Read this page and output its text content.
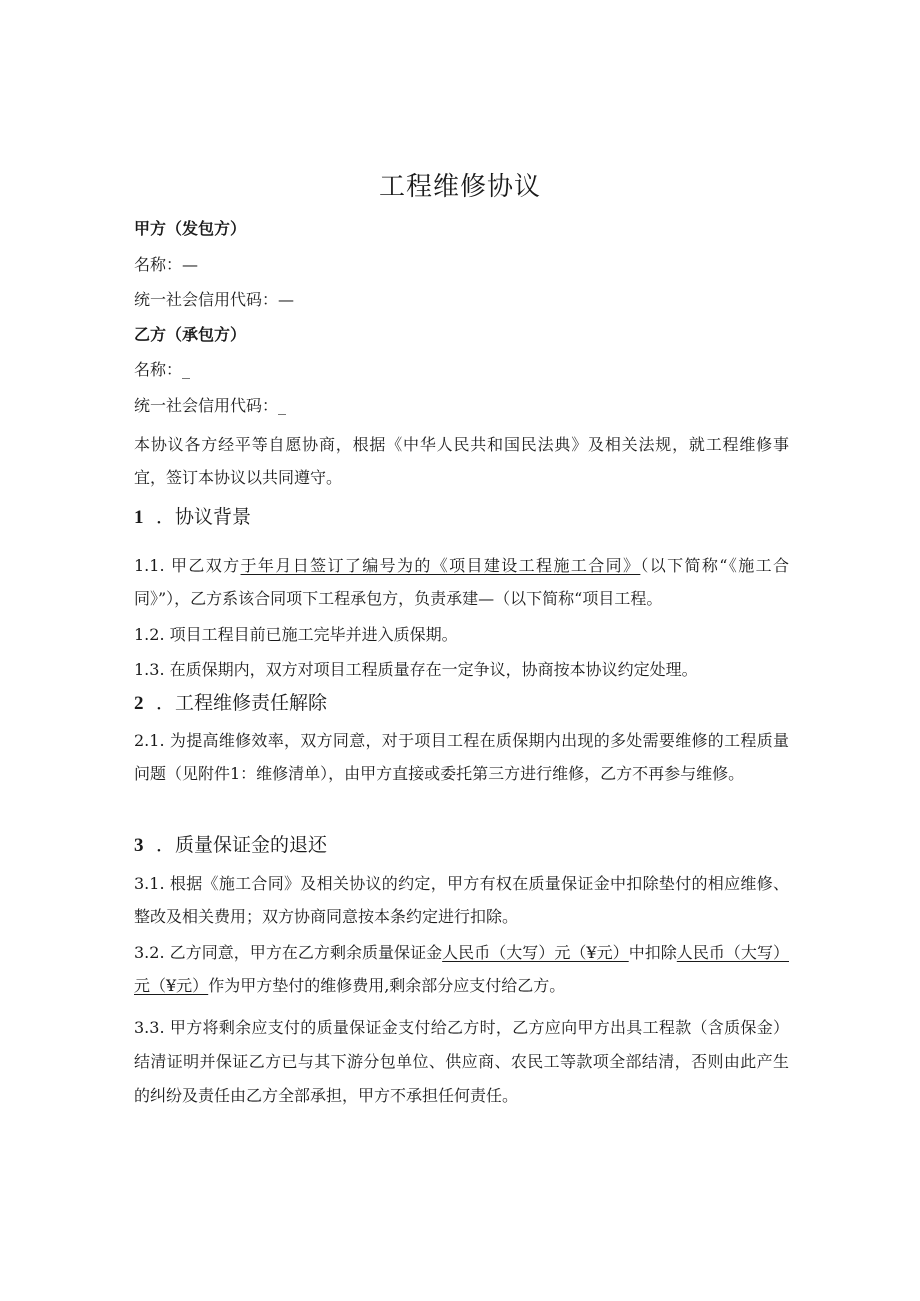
工程维修协议
甲方（发包方）
名称：—
统一社会信用代码：—
乙方（承包方）
名称：_
统一社会信用代码：_
本协议各方经平等自愿协商，根据《中华人民共和国民法典》及相关法规，就工程维修事宜，签订本协议以共同遵守。
1 ．协议背景
1.1. 甲乙双方于年月日签订了编号为的《项目建设工程施工合同》（以下简称“《施工合同》”），乙方系该合同项下工程承包方，负责承建—（以下简称“项目工程。
1.2. 项目工程目前已施工完毕并进入质保期。
1.3. 在质保期内，双方对项目工程质量存在一定争议，协商按本协议约定处理。
2 ．工程维修责任解除
2.1. 为提高维修效率，双方同意，对于项目工程在质保期内出现的多处需要维修的工程质量问题（见附件1：维修清单），由甲方直接或委托第三方进行维修，乙方不再参与维修。
3 ．质量保证金的退还
3.1. 根据《施工合同》及相关协议的约定，甲方有权在质量保证金中扣除垫付的相应维修、整改及相关费用；双方协商同意按本条约定进行扣除。
3.2. 乙方同意，甲方在乙方剩余质量保证金人民币（大写）元（¥元）中扣除人民币（大写）元（¥元）作为甲方垫付的维修费用,剩余部分应支付给乙方。
3.3. 甲方将剩余应支付的质量保证金支付给乙方时，乙方应向甲方出具工程款（含质保金）结清证明并保证乙方已与其下游分包单位、供应商、农民工等款项全部结清，否则由此产生的纠纷及责任由乙方全部承担，甲方不承担任何责任。
